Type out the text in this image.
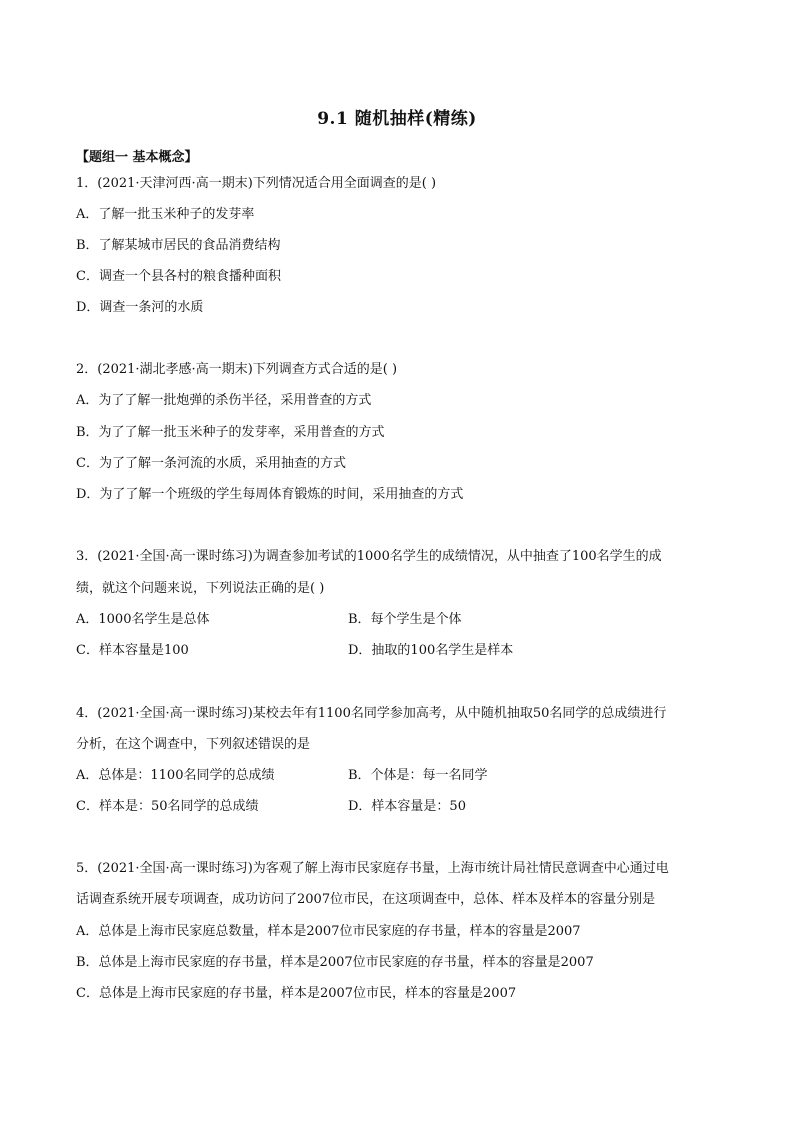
9.1 随机抽样(精练)
【题组一 基本概念】
1．(2021·天津河西·高一期末)下列情况适合用全面调查的是( )
A．了解一批玉米种子的发芽率
B．了解某城市居民的食品消费结构
C．调查一个县各村的粮食播种面积
D．调查一条河的水质
2．(2021·湖北孝感·高一期末)下列调查方式合适的是( )
A．为了了解一批炮弹的杀伤半径，采用普查的方式
B．为了了解一批玉米种子的发芽率，采用普查的方式
C．为了了解一条河流的水质，采用抽查的方式
D．为了了解一个班级的学生每周体育锻炼的时间，采用抽查的方式
3．(2021·全国·高一课时练习)为调查参加考试的1000名学生的成绩情况，从中抽查了100名学生的成
绩，就这个问题来说，下列说法正确的是( )
A．1000名学生是总体	B．每个学生是个体
C．样本容量是100	D．抽取的100名学生是样本
4．(2021·全国·高一课时练习)某校去年有1100名同学参加高考，从中随机抽取50名同学的总成绩进行
分析，在这个调查中，下列叙述错误的是
A．总体是：1100名同学的总成绩	B．个体是：每一名同学
C．样本是：50名同学的总成绩	D．样本容量是：50
5．(2021·全国·高一课时练习)为客观了解上海市民家庭存书量，上海市统计局社情民意调查中心通过电
话调查系统开展专项调查，成功访问了2007位市民，在这项调查中，总体、样本及样本的容量分别是
A．总体是上海市民家庭总数量，样本是2007位市民家庭的存书量，样本的容量是2007
B．总体是上海市民家庭的存书量，样本是2007位市民家庭的存书量，样本的容量是2007
C．总体是上海市民家庭的存书量，样本是2007位市民，样本的容量是2007
